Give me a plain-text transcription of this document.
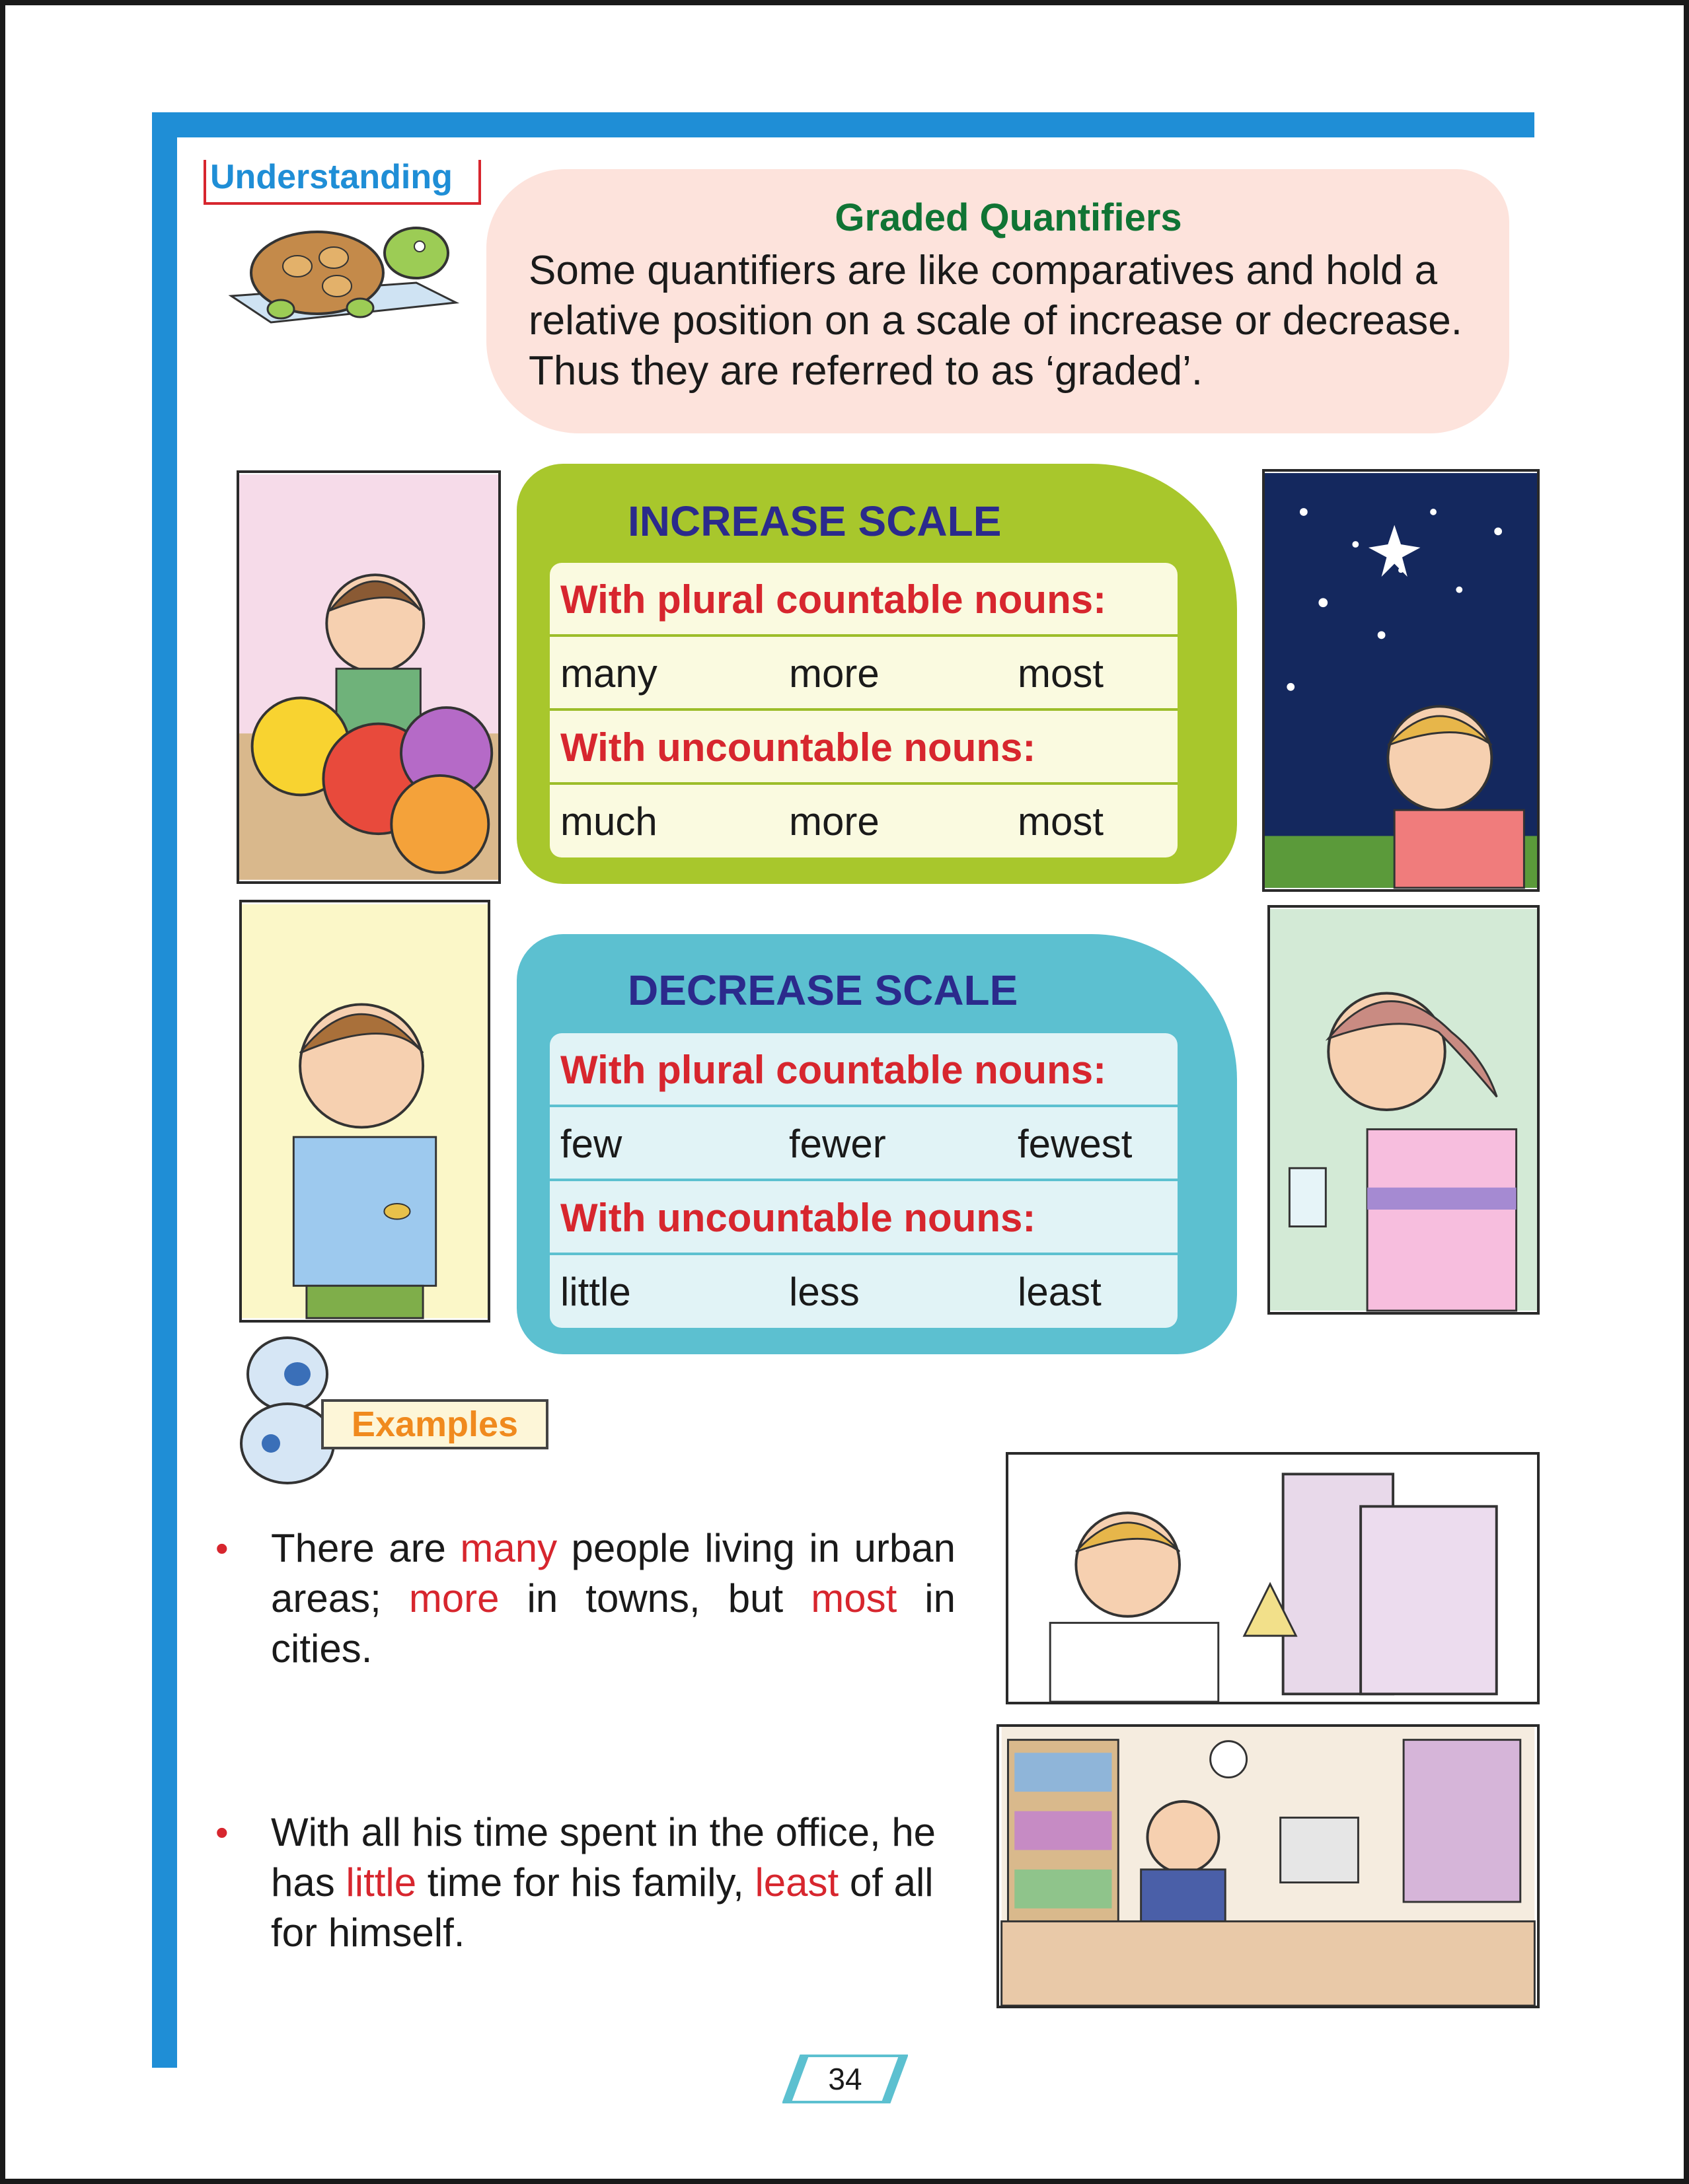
Understanding
Graded Quantifiers
Some quantifiers are like comparatives and hold a relative position on a scale of increase or decrease. Thus they are referred to as ‘graded’.
INCREASE SCALE
With plural countable nouns:
many	more	most
With uncountable nouns:
much	more	most
DECREASE SCALE
With plural countable nouns:
few	fewer	fewest
With uncountable nouns:
little	less	least
Examples
• There are many people living in urban areas; more in towns, but most in cities.
• With all his time spent in the office, he has little time for his family, least of all for himself.
34
